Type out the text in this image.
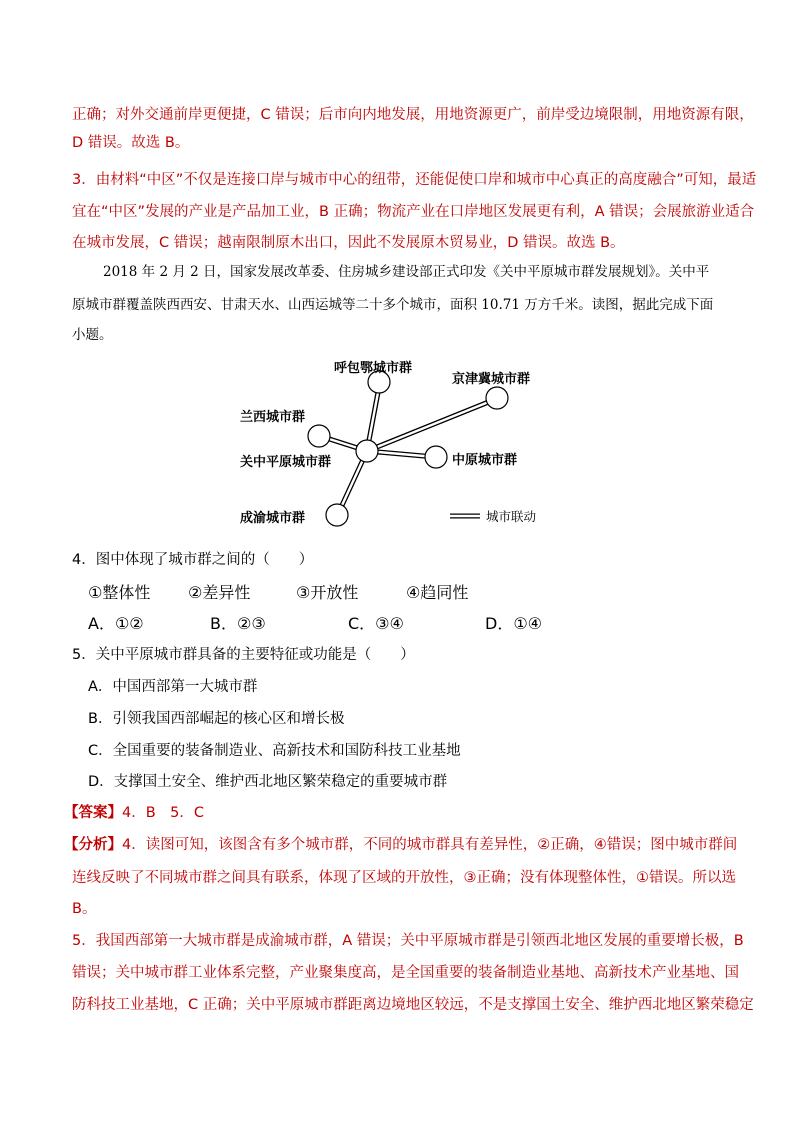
正确；对外交通前岸更便捷，C 错误；后市向内地发展，用地资源更广，前岸受边境限制，用地资源有限，
D 错误。故选 B。
3．由材料“中区”不仅是连接口岸与城市中心的纽带，还能促使口岸和城市中心真正的高度融合”可知，最适
宜在“中区”发展的产业是产品加工业，B 正确；物流产业在口岸地区发展更有利，A 错误；会展旅游业适合
在城市发展，C 错误；越南限制原木出口，因此不发展原木贸易业，D 错误。故选 B。
2018 年 2 月 2 日，国家发展改革委、住房城乡建设部正式印发《关中平原城市群发展规划》。关中平
原城市群覆盖陕西西安、甘肃天水、山西运城等二十多个城市，面积 10.71 万方千米。读图，据此完成下面
小题。
呼包鄂城市群
京津冀城市群
兰西城市群
关中平原城市群	中原城市群
成渝城市群	城市联动
4．图中体现了城市群之间的（　　）
①整体性 ②差异性	③开放性	④趋同性
A．①②	B．②③	C．③④	D．①④
5．关中平原城市群具备的主要特征或功能是（　　）
A．中国西部第一大城市群
B．引领我国西部崛起的核心区和增长极
C．全国重要的装备制造业、高新技术和国防科技工业基地
D．支撑国土安全、维护西北地区繁荣稳定的重要城市群
【答案】4．B　5．C
【分析】4．读图可知，该图含有多个城市群，不同的城市群具有差异性，②正确，④错误；图中城市群间
连线反映了不同城市群之间具有联系，体现了区域的开放性，③正确；没有体现整体性，①错误。所以选
B。
5．我国西部第一大城市群是成渝城市群，A 错误；关中平原城市群是引领西北地区发展的重要增长极，B
错误；关中城市群工业体系完整，产业聚集度高，是全国重要的装备制造业基地、高新技术产业基地、国
防科技工业基地，C 正确；关中平原城市群距离边境地区较远，不是支撑国土安全、维护西北地区繁荣稳定
